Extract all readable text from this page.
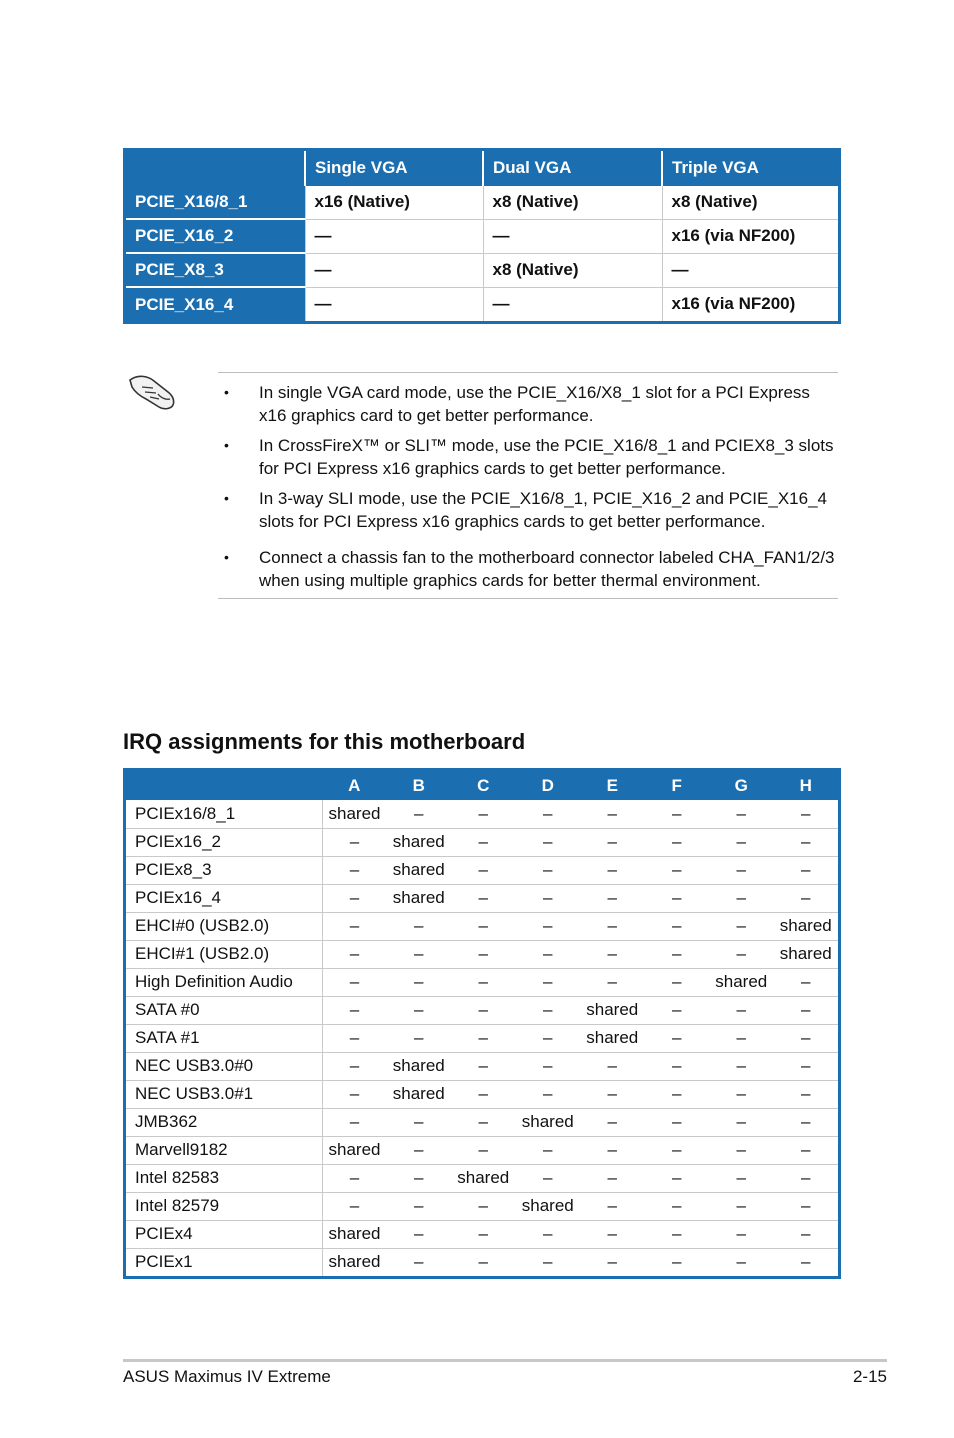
	Single VGA	Dual VGA	Triple VGA
PCIE_X16/8_1	x16 (Native)	x8 (Native)	x8 (Native)
PCIE_X16_2	—	—	x16 (via NF200)
PCIE_X8_3	—	x8 (Native)	—
PCIE_X16_4	—	—	x16 (via NF200)
• In single VGA card mode, use the PCIE_X16/X8_1 slot for a PCI Express x16 graphics card to get better performance.
• In CrossFireX™ or SLI™ mode, use the PCIE_X16/8_1 and PCIEX8_3 slots for PCI Express x16 graphics cards to get better performance.
• In 3-way SLI mode, use the PCIE_X16/8_1, PCIE_X16_2 and PCIE_X16_4 slots for PCI Express x16 graphics cards to get better performance.
• Connect a chassis fan to the motherboard connector labeled CHA_FAN1/2/3 when using multiple graphics cards for better thermal environment.
IRQ assignments for this motherboard
	A	B	C	D	E	F	G	H
PCIEx16/8_1	shared	–	–	–	–	–	–	–
PCIEx16_2	–	shared	–	–	–	–	–	–
PCIEx8_3	–	shared	–	–	–	–	–	–
PCIEx16_4	–	shared	–	–	–	–	–	–
EHCI#0 (USB2.0)	–	–	–	–	–	–	–	shared
EHCI#1 (USB2.0)	–	–	–	–	–	–	–	shared
High Definition Audio	–	–	–	–	–	–	shared	–
SATA #0	–	–	–	–	shared	–	–	–
SATA #1	–	–	–	–	shared	–	–	–
NEC USB3.0#0	–	shared	–	–	–	–	–	–
NEC USB3.0#1	–	shared	–	–	–	–	–	–
JMB362	–	–	–	shared	–	–	–	–
Marvell9182	shared	–	–	–	–	–	–	–
Intel 82583	–	–	shared	–	–	–	–	–
Intel 82579	–	–	–	shared	–	–	–	–
PCIEx4	shared	–	–	–	–	–	–	–
PCIEx1	shared	–	–	–	–	–	–	–
ASUS Maximus IV Extreme	2-15
